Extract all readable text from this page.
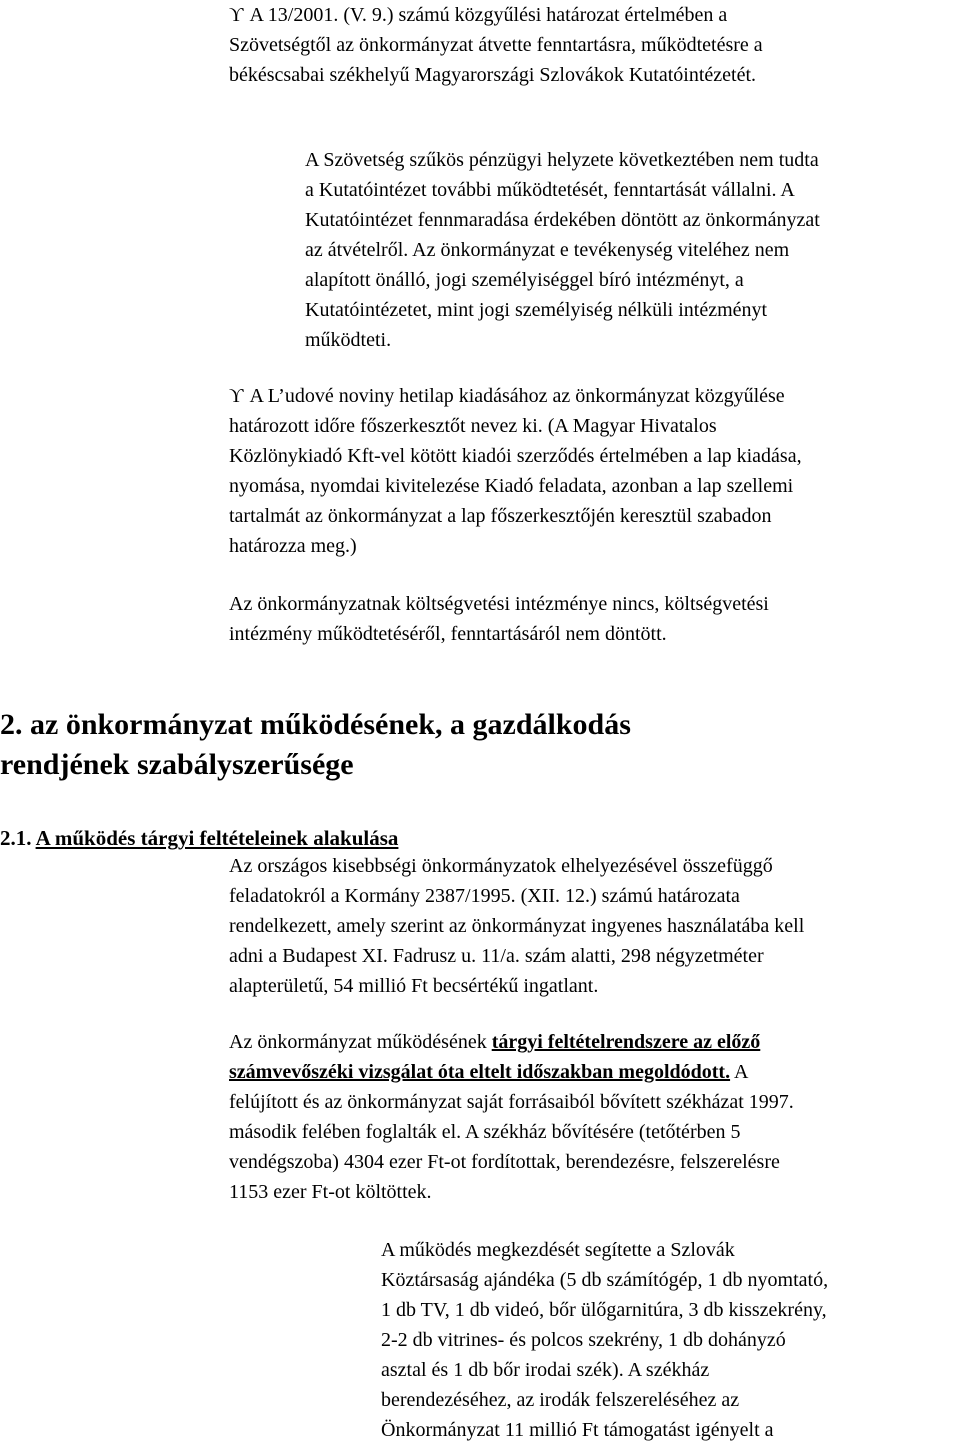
ϒ A 13/2001. (V. 9.) számú közgyűlési határozat értelmében a
Szövetségtől az önkormányzat átvette fenntartásra, működtetésre a
békéscsabai székhelyű Magyarországi Szlovákok Kutatóintézetét.
A Szövetség szűkös pénzügyi helyzete következtében nem tudta
a Kutatóintézet további működtetését, fenntartását vállalni. A
Kutatóintézet fennmaradása érdekében döntött az önkormányzat
az átvételről. Az önkormányzat e tevékenység viteléhez nem
alapított önálló, jogi személyiséggel bíró intézményt, a
Kutatóintézetet, mint jogi személyiség nélküli intézményt
működteti.
ϒ A L’udové noviny hetilap kiadásához az önkormányzat közgyűlése
határozott időre főszerkesztőt nevez ki. (A Magyar Hivatalos
Közlönykiadó Kft-vel kötött kiadói szerződés értelmében a lap kiadása,
nyomása, nyomdai kivitelezése Kiadó feladata, azonban a lap szellemi
tartalmát az önkormányzat a lap főszerkesztőjén keresztül szabadon
határozza meg.)
Az önkormányzatnak költségvetési intézménye nincs, költségvetési
intézmény működtetéséről, fenntartásáról nem döntött.
2. az önkormányzat működésének, a gazdálkodás
rendjének szabályszerűsége
2.1. A működés tárgyi feltételeinek alakulása
Az országos kisebbségi önkormányzatok elhelyezésével összefüggő
feladatokról a Kormány 2387/1995. (XII. 12.) számú határozata
rendelkezett, amely szerint az önkormányzat ingyenes használatába kell
adni a Budapest XI. Fadrusz u. 11/a. szám alatti, 298 négyzetméter
alapterületű, 54 millió Ft becsértékű ingatlant.
Az önkormányzat működésének tárgyi feltételrendszere az előző
számvevőszéki vizsgálat óta eltelt időszakban megoldódott. A
felújított és az önkormányzat saját forrásaiból bővített székházat 1997.
második felében foglalták el. A székház bővítésére (tetőtérben 5
vendégszoba) 4304 ezer Ft-ot fordítottak, berendezésre, felszerelésre
1153 ezer Ft-ot költöttek.
A működés megkezdését segítette a Szlovák
Köztársaság ajándéka (5 db számítógép, 1 db nyomtató,
1 db TV, 1 db videó, bőr ülőgarnitúra, 3 db kisszekrény,
2-2 db vitrines- és polcos szekrény, 1 db dohányzó
asztal és 1 db bőr irodai szék). A székház
berendezéséhez, az irodák felszereléséhez az
Önkormányzat 11 millió Ft támogatást igényelt a
